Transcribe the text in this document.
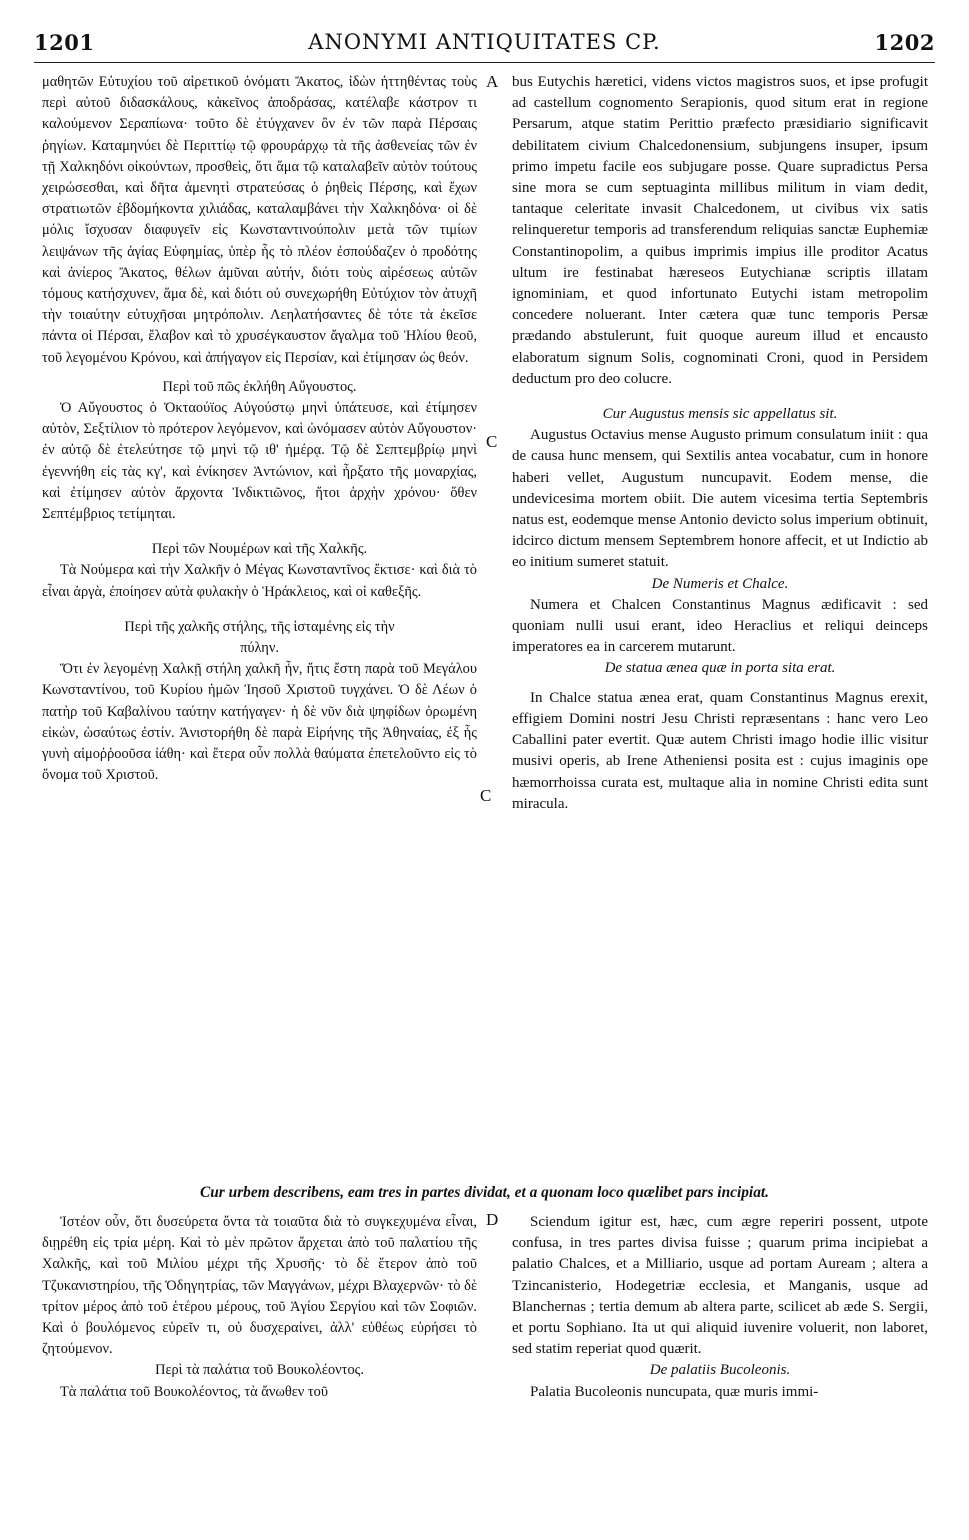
1201	ANONYMI ANTIQUITATES CP.	1202
A
C
C
D

μαθητῶν Εὐτυχίου τοῦ αἱρετικοῦ ὀνόματι Ἄκατος, ἰδὼν ἡττηθέντας τοὺς περὶ αὐτοῦ διδασκάλους, κἀκεῖνος ἀποδράσας, κατέλαβε κάστρον τι καλούμενον Σεραπίωνα· τοῦτο δὲ ἐτύγχανεν ὂν ἐν τῶν παρὰ Πέρσαις ῥηγίων. Καταμηνύει δὲ Περιττίῳ τῷ φρουράρχῳ τὰ τῆς ἀσθενείας τῶν ἐν τῇ Χαλκηδόνι οἰκούντων, προσθεὶς, ὅτι ἅμα τῷ καταλαβεῖν αὐτὸν τούτους χειρώσεσθαι, καὶ δῆτα ἀμενητὶ στρατεύσας ὁ ῥηθεὶς Πέρσης, καὶ ἔχων στρατιωτῶν ἑβδομήκοντα χιλιάδας, καταλαμβάνει τὴν Χαλκηδόνα· οἱ δὲ μόλις ἴσχυσαν διαφυγεῖν εἰς Κωνσταντινούπολιν μετὰ τῶν τιμίων λειψάνων τῆς ἁγίας Εὐφημίας, ὑπὲρ ἧς τὸ πλέον ἐσπούδαζεν ὁ προδότης καὶ ἀνίερος Ἄκατος, θέλων ἀμῦναι αὐτήν, διότι τοὺς αἱρέσεως αὐτῶν τόμους κατήσχυνεν, ἅμα δὲ, καὶ διότι οὐ συνεχωρήθη Εὐτύχιον τὸν ἀτυχῆ τὴν τοιαύτην εὐτυχῆσαι μητρόπολιν. Λεηλατήσαντες δὲ τότε τὰ ἐκεῖσε πάντα οἱ Πέρσαι, ἔλαβον καὶ τὸ χρυσέγκαυστον ἄγαλμα τοῦ Ἡλίου θεοῦ, τοῦ λεγομένου Κρόνου, καὶ ἀπήγαγον εἰς Περσίαν, καὶ ἐτίμησαν ὡς θεόν.

Περὶ τοῦ πῶς ἐκλήθη Αὔγουστος.

Ὁ Αὔγουστος ὁ Ὀκταούϊος Αὐγούστῳ μηνὶ ὑπάτευσε, καὶ ἐτίμησεν αὐτὸν, Σεξτίλιον τὸ πρότερον λεγόμενον, καὶ ὠνόμασεν αὐτὸν Αὔγουστον· ἐν αὐτῷ δὲ ἐτελεύτησε τῷ μηνὶ τῷ ιθ' ἡμέρᾳ. Τῷ δὲ Σεπτεμβρίῳ μηνὶ ἐγεννήθη εἰς τὰς κγ', καὶ ἐνίκησεν Ἀντώνιον, καὶ ἦρξατο τῆς μοναρχίας, καὶ ἐτίμησεν αὐτὸν ἄρχοντα Ἰνδικτιῶνος, ἤτοι ἀρχὴν χρόνου· ὅθεν Σεπτέμβριος τετίμηται.

Περὶ τῶν Νουμέρων καὶ τῆς Χαλκῆς.

Τὰ Νούμερα καὶ τὴν Χαλκῆν ὁ Μέγας Κωνσταντῖνος ἔκτισε· καὶ διὰ τὸ εἶναι ἀργὰ, ἐποίησεν αὐτὰ φυλακὴν ὁ Ἡράκλειος, καὶ οἱ καθεξῆς.

Περὶ τῆς χαλκῆς στήλης, τῆς ἱσταμένης εἰς τὴν
πύλην.

Ὅτι ἐν λεγομένῃ Χαλκῇ στήλη χαλκῆ ἦν, ἥτις ἔστη παρὰ τοῦ Μεγάλου Κωνσταντίνου, τοῦ Κυρίου ἡμῶν Ἰησοῦ Χριστοῦ τυγχάνει. Ὁ δὲ Λέων ὁ πατὴρ τοῦ Καβαλίνου ταύτην κατήγαγεν· ἡ δὲ νῦν διὰ ψηφίδων ὁρωμένη εἰκὼν, ὡσαύτως ἐστίν. Ἀνιστορήθη δὲ παρὰ Εἰρήνης τῆς Ἀθηναίας, ἐξ ἧς γυνὴ αἱμοῤῥοοῦσα ἰάθη· καὶ ἕτερα οὖν πολλὰ θαύματα ἐπετελοῦντο εἰς τὸ ὄνομα τοῦ Χριστοῦ.

bus Eutychis hæretici, videns victos magistros suos, et ipse profugit ad castellum cognomento Serapionis, quod situm erat in regione Persarum, atque statim Perittio præfecto præsidiario significavit debilitatem civium Chalcedonensium, subjungens insuper, ipsum primo impetu facile eos subjugare posse. Quare supradictus Persa sine mora se cum septuaginta millibus militum in viam dedit, tantaque celeritate invasit Chalcedonem, ut civibus vix satis relinqueretur temporis ad transferendum reliquias sanctæ Euphemiæ Constantinopolim, a quibus imprimis impius ille proditor Acatus ultum ire festinabat hæreseos Eutychianæ scriptis illatam ignominiam, et quod infortunato Eutychi istam metropolim concedere noluerant. Inter cætera quæ tunc temporis Persæ prædando abstulerunt, fuit quoque aureum illud et encausto elaboratum signum Solis, cognominati Croni, quod in Persidem deductum pro deo colucre.

Cur Augustus mensis sic appellatus sit.

Augustus Octavius mense Augusto primum consulatum iniit : qua de causa hunc mensem, qui Sextilis antea vocabatur, cum in honore haberi vellet, Augustum nuncupavit. Eodem mense, die undevicesima mortem obiit. Die autem vicesima tertia Septembris natus est, eodemque mense Antonio devicto solus imperium obtinuit, idcirco dictum mensem Septembrem honore affecit, et ut Indictio ab eo initium sumeret statuit.

De Numeris et Chalce.

Numera et Chalcen Constantinus Magnus ædificavit : sed quoniam nulli usui erant, ideo Heraclius et reliqui deinceps imperatores ea in carcerem mutarunt.

De statua ænea quæ in porta sita erat.

In Chalce statua ænea erat, quam Constantinus Magnus erexit, effigiem Domini nostri Jesu Christi repræsentans : hanc vero Leo Caballini pater evertit. Quæ autem Christi imago hodie illic visitur musivi operis, ab Irene Atheniensi posita est : cujus imaginis ope hæmorrhoissa curata est, multaque alia in nomine Christi edita sunt miracula.

Cur urbem describens, eam tres in partes dividat, et a quonam loco quælibet pars incipiat.

Ἰστέον οὖν, ὅτι δυσεύρετα ὄντα τὰ τοιαῦτα διὰ τὸ συγκεχυμένα εἶναι, διῃρέθη εἰς τρία μέρη. Καὶ τὸ μὲν πρῶτον ἄρχεται ἀπὸ τοῦ παλατίου τῆς Χαλκῆς, καὶ τοῦ Μιλίου μέχρι τῆς Χρυσῆς· τὸ δὲ ἕτερον ἀπὸ τοῦ Τζυκανιστηρίου, τῆς Ὁδηγητρίας, τῶν Μαγγάνων, μέχρι Βλαχερνῶν· τὸ δὲ τρίτον μέρος ἀπὸ τοῦ ἑτέρου μέρους, τοῦ Ἁγίου Σεργίου καὶ τῶν Σοφιῶν. Καὶ ὁ βουλόμενος εὑρεῖν τι, οὐ δυσχεραίνει, ἀλλ' εὐθέως εὑρήσει τὸ ζητούμενον.

Περὶ τὰ παλάτια τοῦ Βουκολέοντος.

Τὰ παλάτια τοῦ Βουκολέοντος, τὰ ἄνωθεν τοῦ

Sciendum igitur est, hæc, cum ægre reperiri possent, utpote confusa, in tres partes divisa fuisse ; quarum prima incipiebat a palatio Chalces, et a Milliario, usque ad portam Auream ; altera a Tzincanisterio, Hodegetriæ ecclesia, et Manganis, usque ad Blanchernas ; tertia demum ab altera parte, scilicet ab æde S. Sergii, et portu Sophiano. Ita ut qui aliquid iuvenire voluerit, non laboret, sed statim reperiat quod quærit.

De palatiis Bucoleonis.

Palatia Bucoleonis nuncupata, quæ muris immi-
